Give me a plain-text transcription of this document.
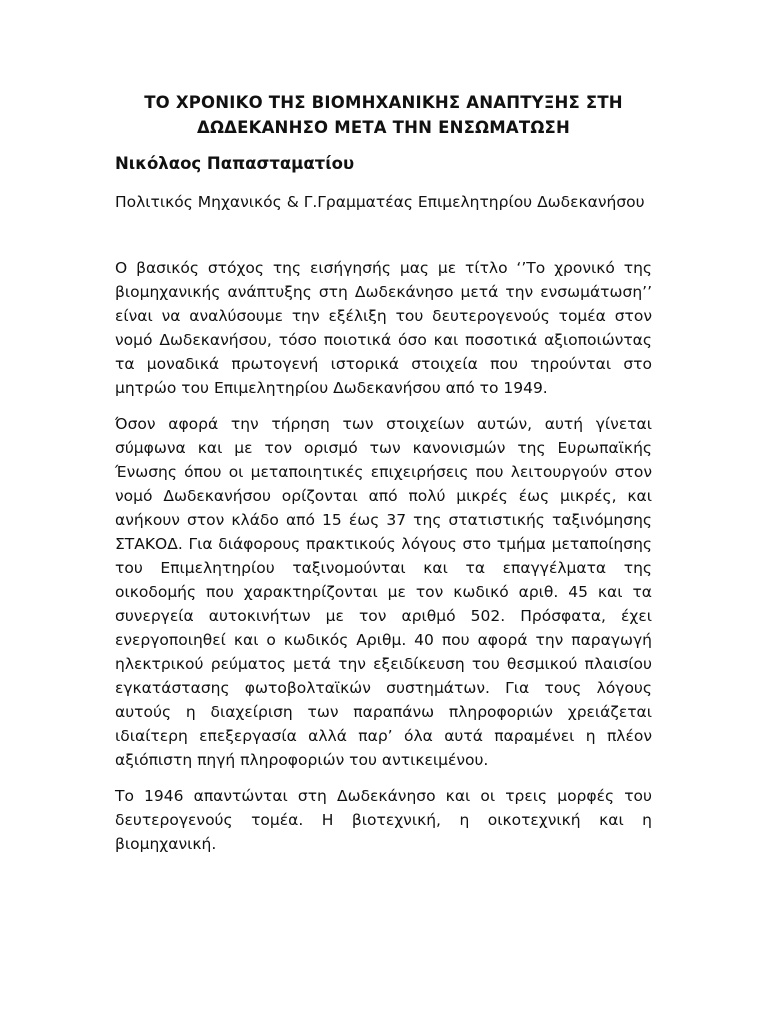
ΤΟ ΧΡΟΝΙΚΟ ΤΗΣ ΒΙΟΜΗΧΑΝΙΚΗΣ ΑΝΑΠΤΥΞΗΣ ΣΤΗ
ΔΩΔΕΚΑΝΗΣΟ ΜΕΤΑ ΤΗΝ ΕΝΣΩΜΑΤΩΣΗ

Νικόλαος Παπασταματίου

Πολιτικός Μηχανικός & Γ.Γραμματέας Επιμελητηρίου Δωδεκανήσου

Ο βασικός στόχος της εισήγησής μας με τίτλο ‘’Το χρονικό της βιομηχανικής ανάπτυξης στη Δωδεκάνησο μετά την ενσωμάτωση’’ είναι να αναλύσουμε την εξέλιξη του δευτερογενούς τομέα στον νομό Δωδεκανήσου, τόσο ποιοτικά όσο και ποσοτικά αξιοποιώντας τα μοναδικά πρωτογενή ιστορικά στοιχεία που τηρούνται στο μητρώο του Επιμελητηρίου Δωδεκανήσου από το 1949.

Όσον αφορά την τήρηση των στοιχείων αυτών, αυτή γίνεται σύμφωνα και με τον ορισμό των κανονισμών της Ευρωπαϊκής Ένωσης όπου οι μεταποιητικές επιχειρήσεις που λειτουργούν στον νομό Δωδεκανήσου ορίζονται από πολύ μικρές έως μικρές, και ανήκουν στον κλάδο από 15 έως 37 της στατιστικής ταξινόμησης ΣΤΑΚΟΔ. Για διάφορους πρακτικούς λόγους στο τμήμα μεταποίησης του Επιμελητηρίου ταξινομούνται και τα επαγγέλματα της οικοδομής που χαρακτηρίζονται με τον κωδικό αριθ. 45 και τα συνεργεία αυτοκινήτων με τον αριθμό 502. Πρόσφατα, έχει ενεργοποιηθεί και ο κωδικός Αριθμ. 40 που αφορά την παραγωγή ηλεκτρικού ρεύματος μετά την εξειδίκευση του θεσμικού πλαισίου εγκατάστασης φωτοβολταϊκών συστημάτων. Για τους λόγους αυτούς η διαχείριση των παραπάνω πληροφοριών χρειάζεται ιδιαίτερη επεξεργασία αλλά παρ’ όλα αυτά παραμένει η πλέον αξιόπιστη πηγή πληροφοριών του αντικειμένου.

Το 1946 απαντώνται στη Δωδεκάνησο και οι τρεις μορφές του δευτερογενούς τομέα. Η βιοτεχνική, η οικοτεχνική και η βιομηχανική.
